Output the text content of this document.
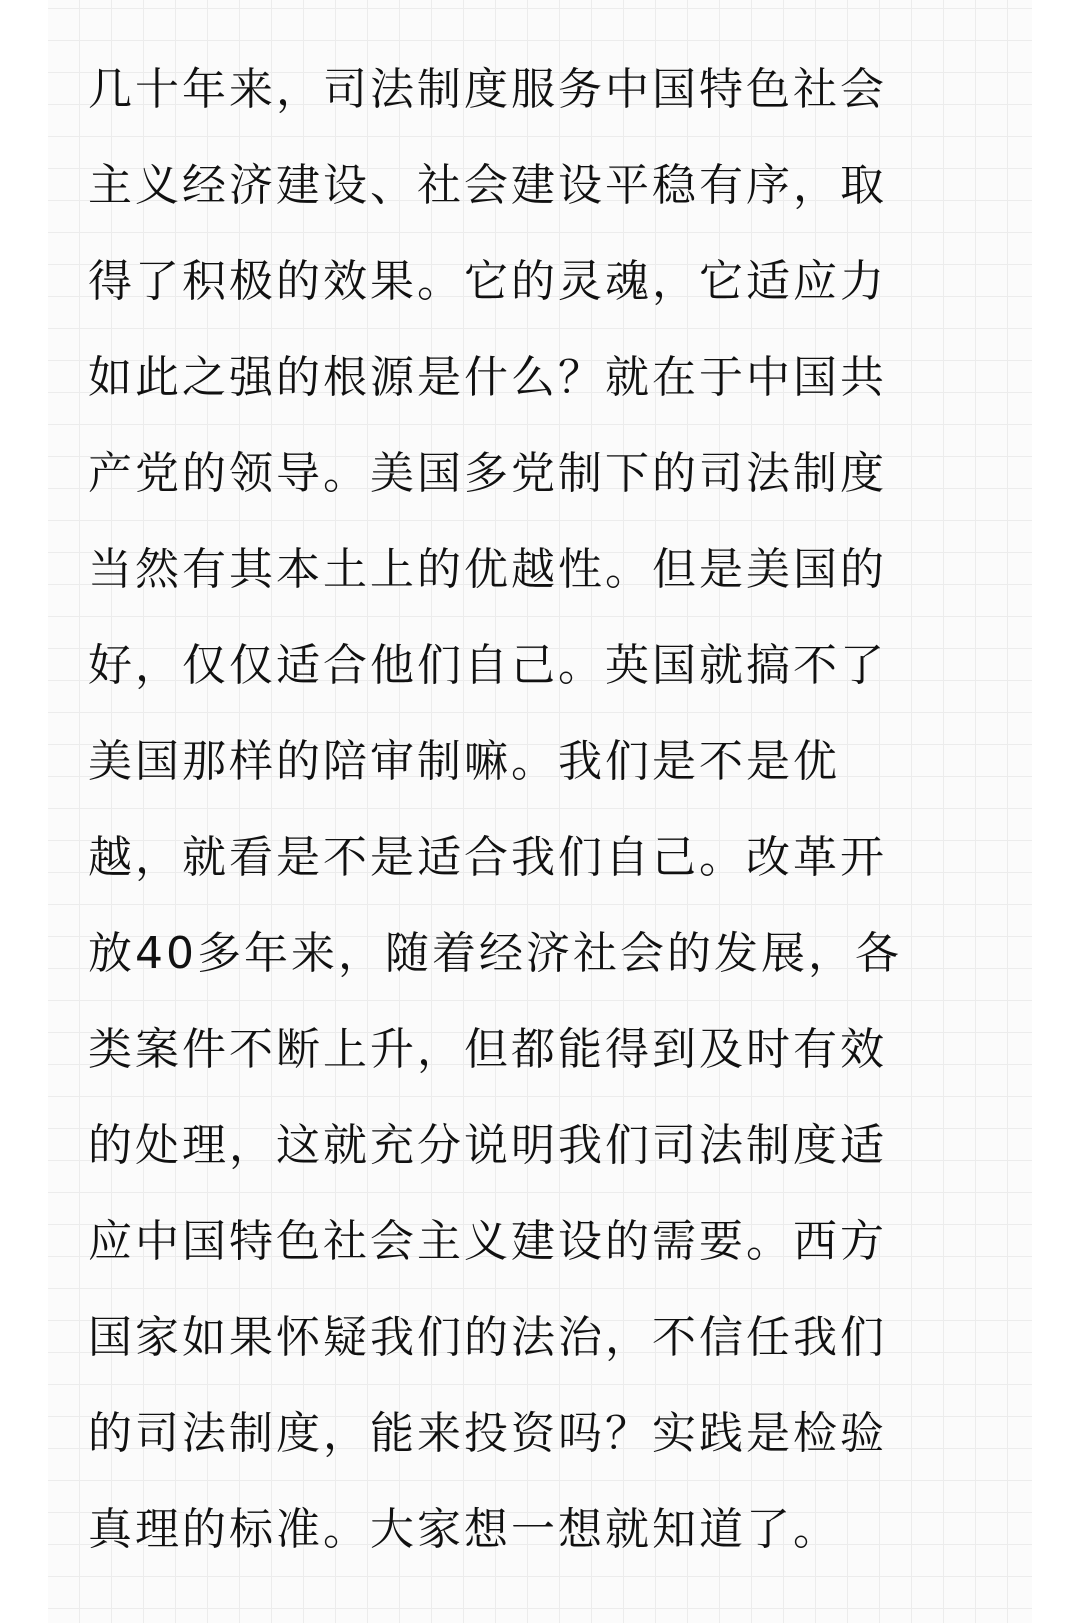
几十年来，司法制度服务中国特色社会
主义经济建设、社会建设平稳有序，取
得了积极的效果。它的灵魂，它适应力
如此之强的根源是什么？就在于中国共
产党的领导。美国多党制下的司法制度
当然有其本土上的优越性。但是美国的
好，仅仅适合他们自己。英国就搞不了
美国那样的陪审制嘛。我们是不是优
越，就看是不是适合我们自己。改革开
放40多年来，随着经济社会的发展，各
类案件不断上升，但都能得到及时有效
的处理，这就充分说明我们司法制度适
应中国特色社会主义建设的需要。西方
国家如果怀疑我们的法治，不信任我们
的司法制度，能来投资吗？实践是检验
真理的标准。大家想一想就知道了。
